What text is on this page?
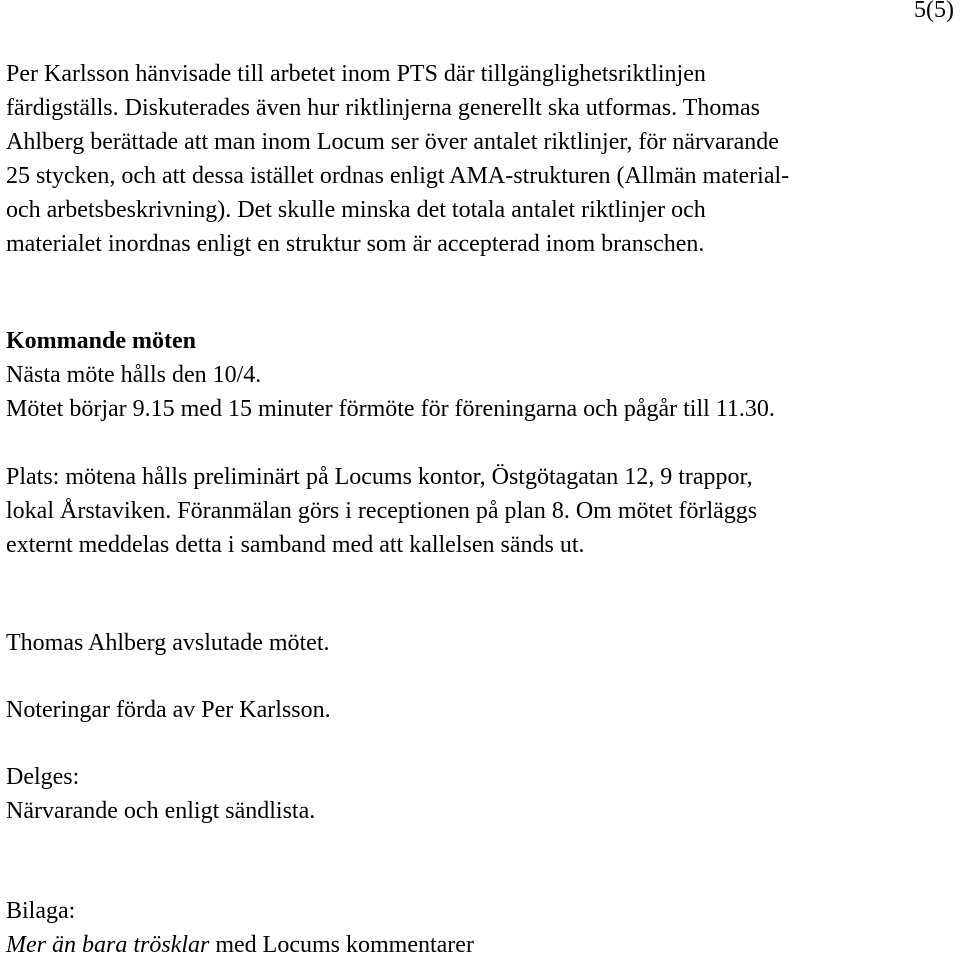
5(5)

Per Karlsson hänvisade till arbetet inom PTS där tillgänglighetsriktlinjen

färdigställs. Diskuterades även hur riktlinjerna generellt ska utformas. Thomas

Ahlberg berättade att man inom Locum ser över antalet riktlinjer, för närvarande

25 stycken, och att dessa istället ordnas enligt AMA-strukturen (Allmän material-

och arbetsbeskrivning). Det skulle minska det totala antalet riktlinjer och

materialet inordnas enligt en struktur som är accepterad inom branschen.

Kommande möten

Nästa möte hålls den 10/4.

Mötet börjar 9.15 med 15 minuter förmöte för föreningarna och pågår till 11.30.

Plats: mötena hålls preliminärt på Locums kontor, Östgötagatan 12, 9 trappor,

lokal Årstaviken. Föranmälan görs i receptionen på plan 8. Om mötet förläggs

externt meddelas detta i samband med att kallelsen sänds ut.

Thomas Ahlberg avslutade mötet.

Noteringar förda av Per Karlsson.

Delges:

Närvarande och enligt sändlista.

Bilaga:

Mer än bara trösklar med Locums kommentarer
